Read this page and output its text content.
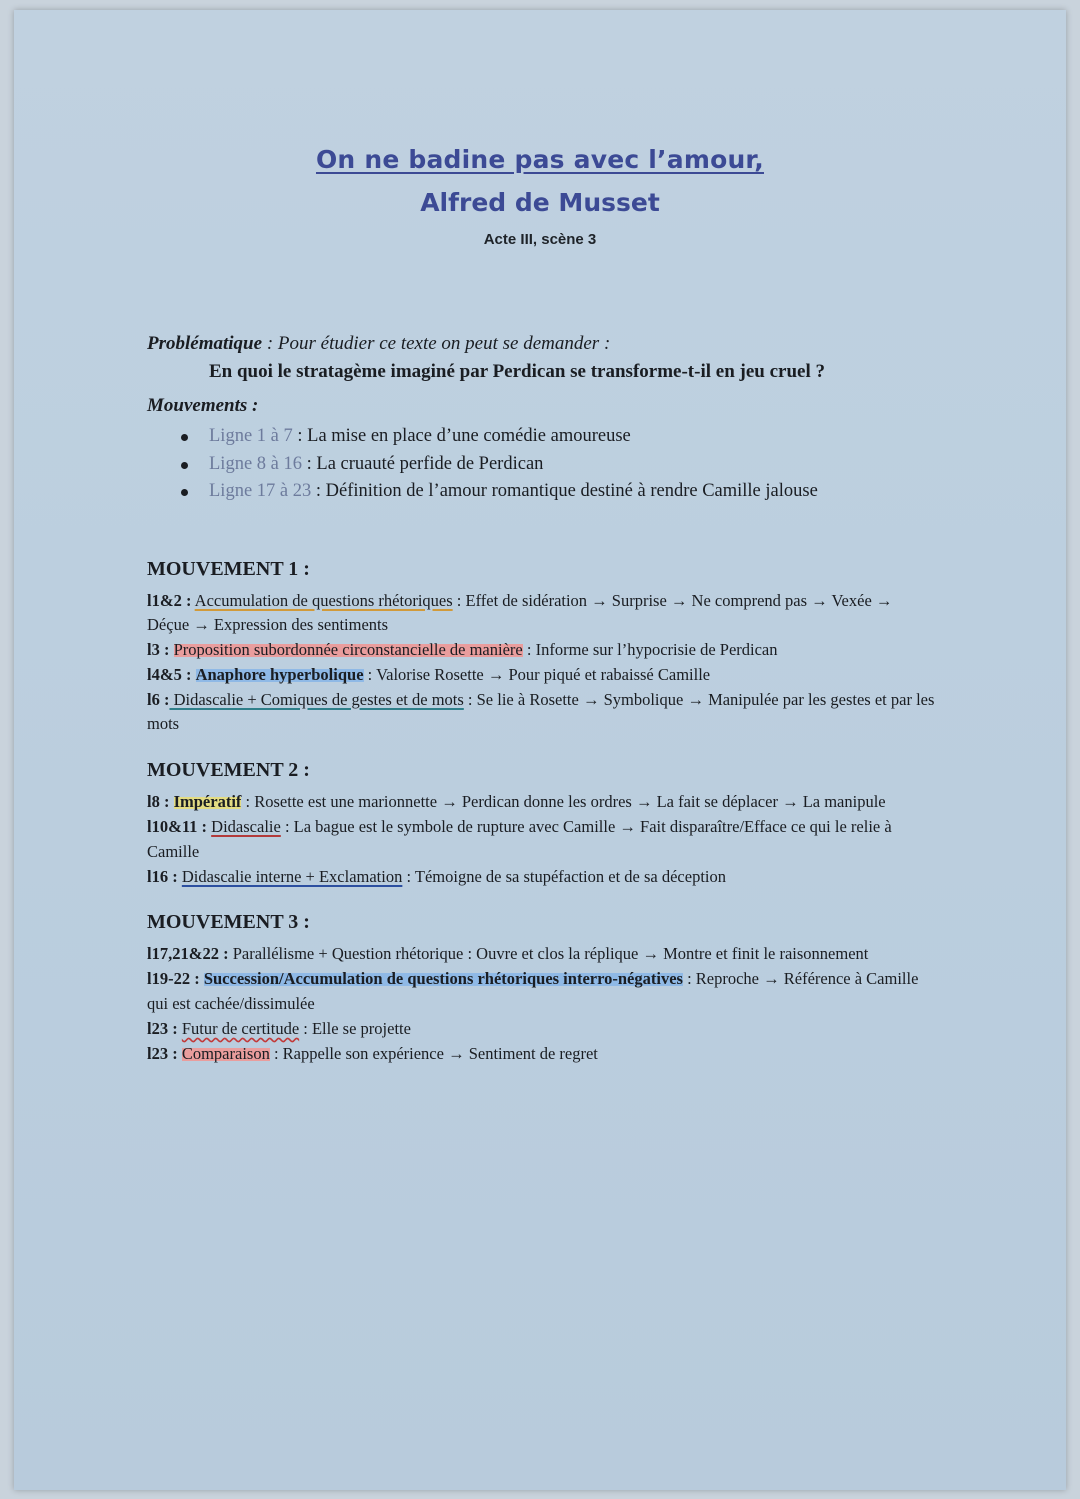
On ne badine pas avec l’amour,
Alfred de Musset
Acte III, scène 3
Problématique : Pour étudier ce texte on peut se demander :
En quoi le stratagème imaginé par Perdican se transforme-t-il en jeu cruel ?
Mouvements :
Ligne 1 à 7 : La mise en place d’une comédie amoureuse
Ligne 8 à 16 : La cruauté perfide de Perdican
Ligne 17 à 23 : Définition de l’amour romantique destiné à rendre Camille jalouse
MOUVEMENT 1 :
l1&2 : Accumulation de questions rhétoriques : Effet de sidération → Surprise → Ne comprend pas → Vexée → Déçue → Expression des sentiments
l3 : Proposition subordonnée circonstancielle de manière : Informe sur l’hypocrisie de Perdican
l4&5 : Anaphore hyperbolique : Valorise Rosette → Pour piqué et rabaissé Camille
l6 : Didascalie + Comiques de gestes et de mots : Se lie à Rosette → Symbolique → Manipulée par les gestes et par les mots
MOUVEMENT 2 :
l8 : Impératif : Rosette est une marionnette → Perdican donne les ordres → La fait se déplacer → La manipule
l10&11 : Didascalie : La bague est le symbole de rupture avec Camille → Fait disparaître/Efface ce qui le relie à Camille
l16 : Didascalie interne + Exclamation : Témoigne de sa stupéfaction et de sa déception
MOUVEMENT 3 :
l17,21&22 : Parallélisme + Question rhétorique : Ouvre et clos la réplique → Montre et finit le raisonnement
l19-22 : Succession/Accumulation de questions rhétoriques interro-négatives : Reproche → Référence à Camille qui est cachée/dissimulée
l23 : Futur de certitude : Elle se projette
l23 : Comparaison : Rappelle son expérience → Sentiment de regret
